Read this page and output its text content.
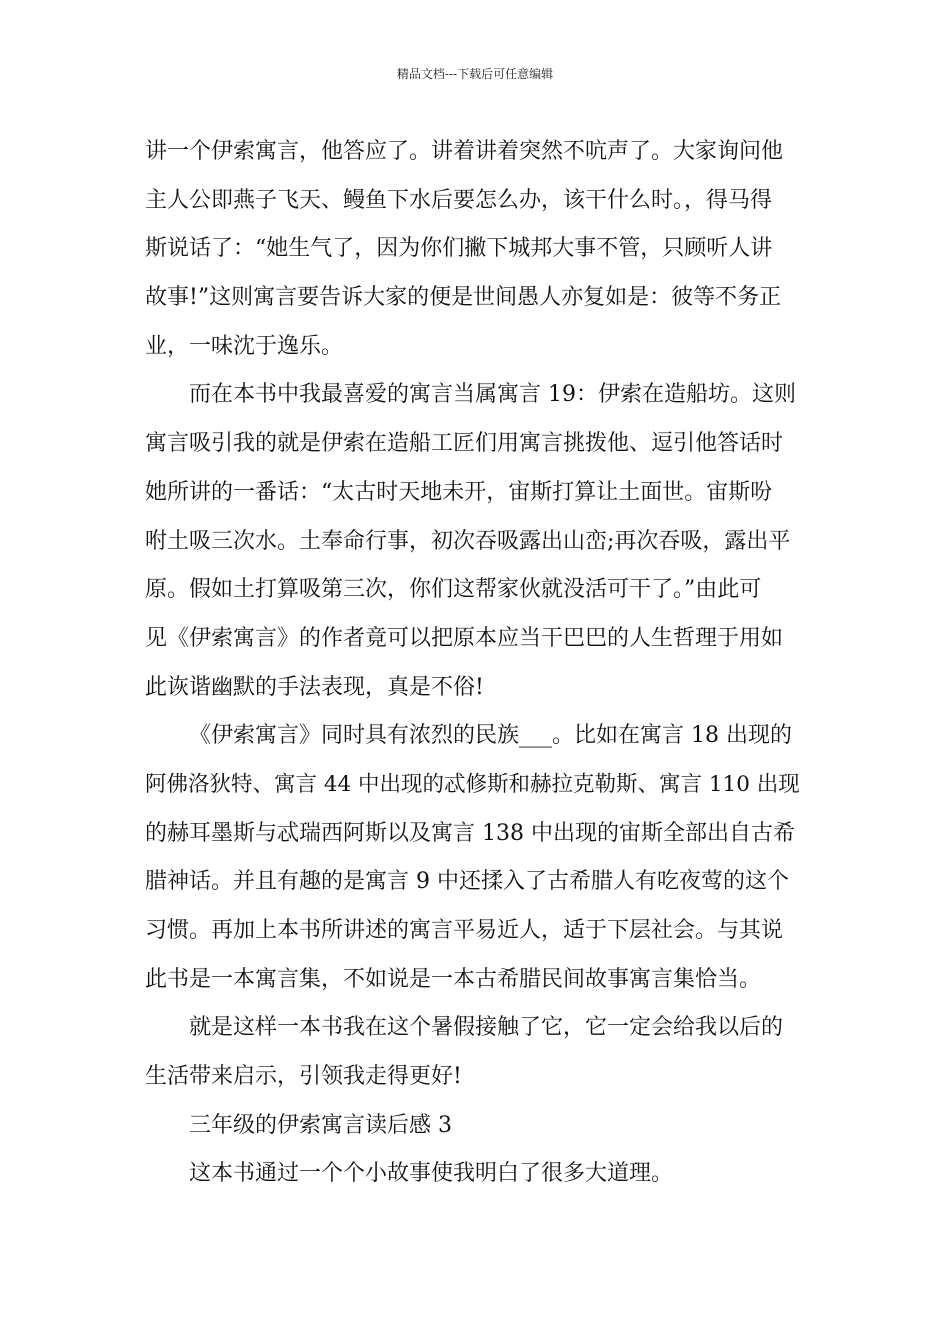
精品文档---下载后可任意编辑
讲一个伊索寓言，他答应了。讲着讲着突然不吭声了。大家询问他
主人公即燕子飞天、鳗鱼下水后要怎么办，该干什么时。，得马得
斯说话了：“她生气了，因为你们撇下城邦大事不管，只顾听人讲
故事!”这则寓言要告诉大家的便是世间愚人亦复如是：彼等不务正
业，一味沈于逸乐。
而在本书中我最喜爱的寓言当属寓言 19：伊索在造船坊。这则
寓言吸引我的就是伊索在造船工匠们用寓言挑拨他、逗引他答话时
她所讲的一番话：“太古时天地未开，宙斯打算让土面世。宙斯吩
咐土吸三次水。土奉命行事，初次吞吸露出山峦;再次吞吸，露出平
原。假如土打算吸第三次，你们这帮家伙就没活可干了。”由此可
见《伊索寓言》的作者竟可以把原本应当干巴巴的人生哲理于用如
此诙谐幽默的手法表现，真是不俗!
《伊索寓言》同时具有浓烈的民族___。比如在寓言 18 出现的
阿佛洛狄特、寓言 44 中出现的忒修斯和赫拉克勒斯、寓言 110 出现
的赫耳墨斯与忒瑞西阿斯以及寓言 138 中出现的宙斯全部出自古希
腊神话。并且有趣的是寓言 9 中还揉入了古希腊人有吃夜莺的这个
习惯。再加上本书所讲述的寓言平易近人，适于下层社会。与其说
此书是一本寓言集，不如说是一本古希腊民间故事寓言集恰当。
就是这样一本书我在这个暑假接触了它，它一定会给我以后的
生活带来启示，引领我走得更好!
三年级的伊索寓言读后感 3
这本书通过一个个小故事使我明白了很多大道理。
